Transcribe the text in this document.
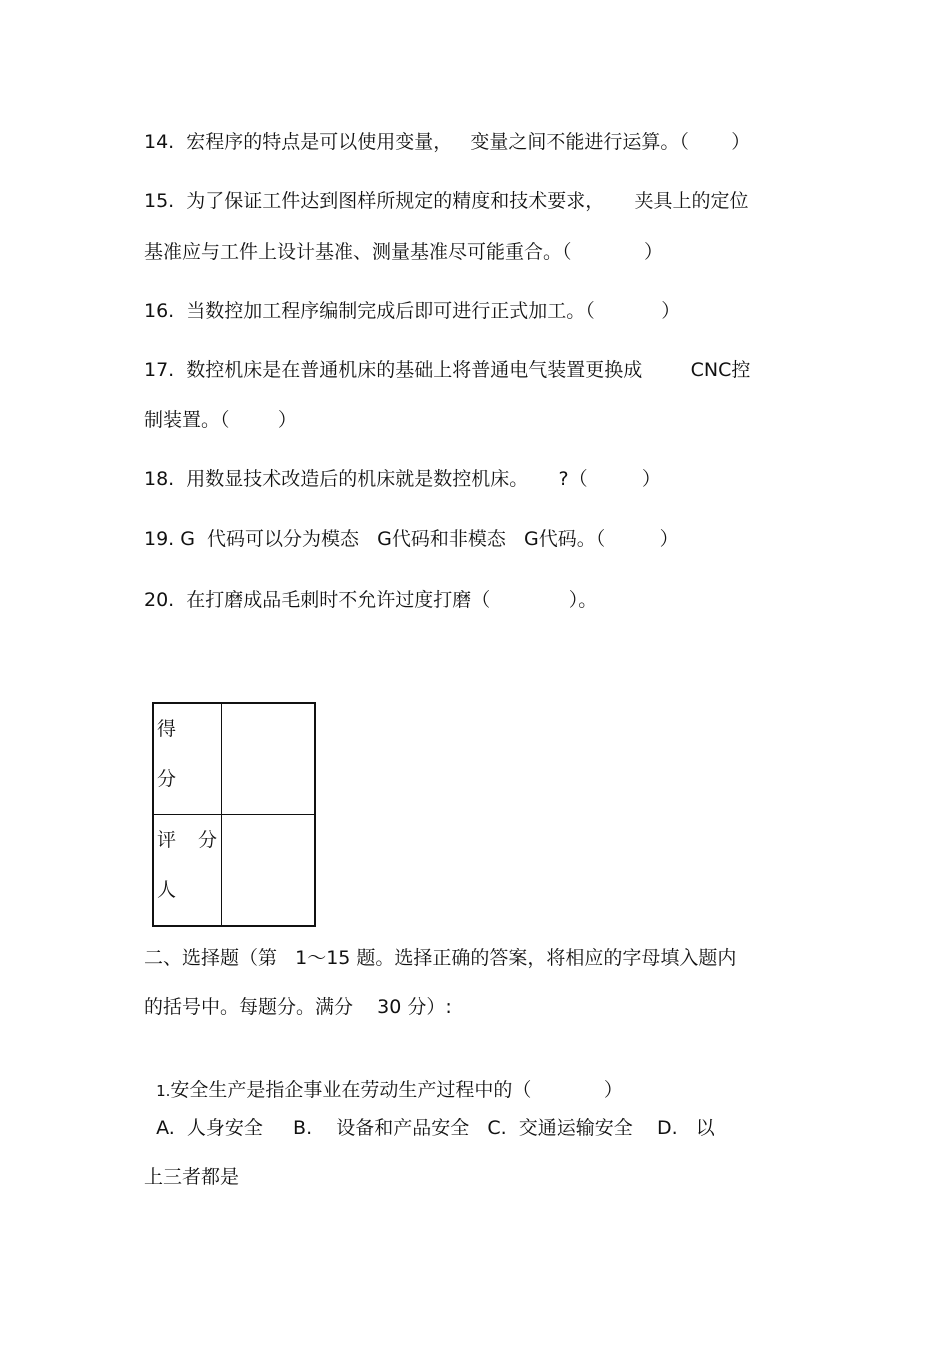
14.  宏程序的特点是可以使用变量，   变量之间不能进行运算。（       ）
15.  为了保证工件达到图样所规定的精度和技术要求，     夹具上的定位
基准应与工件上设计基准、测量基准尽可能重合。（            ）
16.  当数控加工程序编制完成后即可进行正式加工。（           ）
17.  数控机床是在普通机床的基础上将普通电气装置更换成        CNC控
制装置。（        ）
18.  用数显技术改造后的机床就是数控机床。     ?（         ）
19. G  代码可以分为模态   G代码和非模态   G代码。（         ）
20.  在打磨成品毛刺时不允许过度打磨（             ）。
得
分	

评 分
人	

二、选择题（第   1～15 题。选择正确的答案，将相应的字母填入题内
的括号中。每题分。满分    30 分）:

1.安全生产是指企事业在劳动生产过程中的（            ）

A.  人身安全     B.    设备和产品安全   C.  交通运输安全    D.   以
上三者都是
